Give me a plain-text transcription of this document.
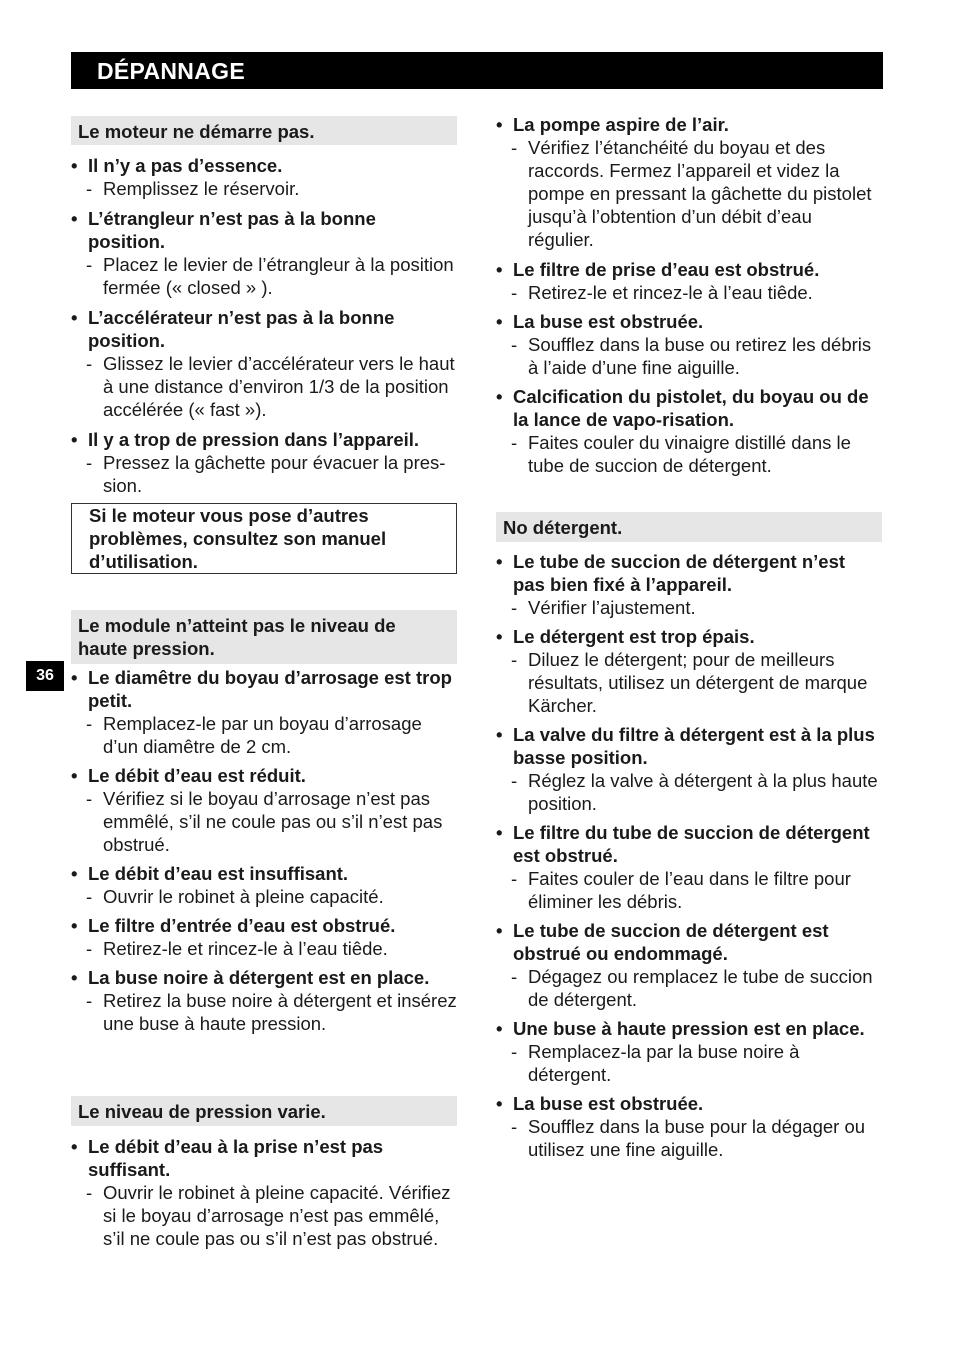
DÉPANNAGE
36
Le moteur ne démarre pas.
• Il n’y a pas d’essence.
- Remplissez le réservoir.
• L’étrangleur n’est pas à la bonne position.
- Placez le levier de l’étrangleur à la position fermée (« closed » ).
• L’accélérateur n’est pas à la bonne position.
- Glissez le levier d’accélérateur vers le haut à une distance d’environ 1/3 de la position accélérée (« fast »).
• Il y a trop de pression dans l’appareil.
- Pressez la gâchette pour évacuer la pres-sion.
Si le moteur vous pose d’autres problèmes, consultez son manuel d’utilisation.
Le module n’atteint pas le niveau de haute pression.
• Le diamêtre du boyau d’arrosage est trop petit.
- Remplacez-le par un boyau d’arrosage d’un diamêtre de 2 cm.
• Le débit d’eau est réduit.
- Vérifiez si le boyau d’arrosage n’est pas emmêlé, s’il ne coule pas ou s’il n’est pas obstrué.
• Le débit d’eau est insuffisant.
- Ouvrir le robinet à pleine capacité.
• Le filtre d’entrée d’eau est obstrué.
- Retirez-le et rincez-le à l’eau tiêde.
• La buse noire à détergent est en place.
- Retirez la buse noire à détergent et insérez une buse à haute pression.
Le niveau de pression varie.
• Le débit d’eau à la prise n’est pas suffisant.
- Ouvrir le robinet à pleine capacité. Vérifiez si le boyau d’arrosage n’est pas emmêlé, s’il ne coule pas ou s’il n’est pas obstrué.
• La pompe aspire de l’air.
- Vérifiez l’étanchéité du boyau et des raccords. Fermez l’appareil et videz la pompe en pressant la gâchette du pistolet jusqu’à l’obtention d’un débit d’eau régulier.
• Le filtre de prise d’eau est obstrué.
- Retirez-le et rincez-le à l’eau tiêde.
• La buse est obstruée.
- Soufflez dans la buse ou retirez les débris à l’aide d’une fine aiguille.
• Calcification du pistolet, du boyau ou de la lance de vapo-risation.
- Faites couler du vinaigre distillé dans le tube de succion de détergent.
No détergent.
• Le tube de succion de détergent n’est pas bien fixé à l’appareil.
- Vérifier l’ajustement.
• Le détergent est trop épais.
- Diluez le détergent; pour de meilleurs résultats, utilisez un détergent de marque Kärcher.
• La valve du filtre à détergent est à la plus basse position.
- Réglez la valve à détergent à la plus haute position.
• Le filtre du tube de succion de détergent est obstrué.
- Faites couler de l’eau dans le filtre pour éliminer les débris.
• Le tube de succion de détergent est obstrué ou endommagé.
- Dégagez ou remplacez le tube de succion de détergent.
• Une buse à haute pression est en place.
- Remplacez-la par la buse noire à détergent.
• La buse est obstruée.
- Soufflez dans la buse pour la dégager ou utilisez une fine aiguille.
